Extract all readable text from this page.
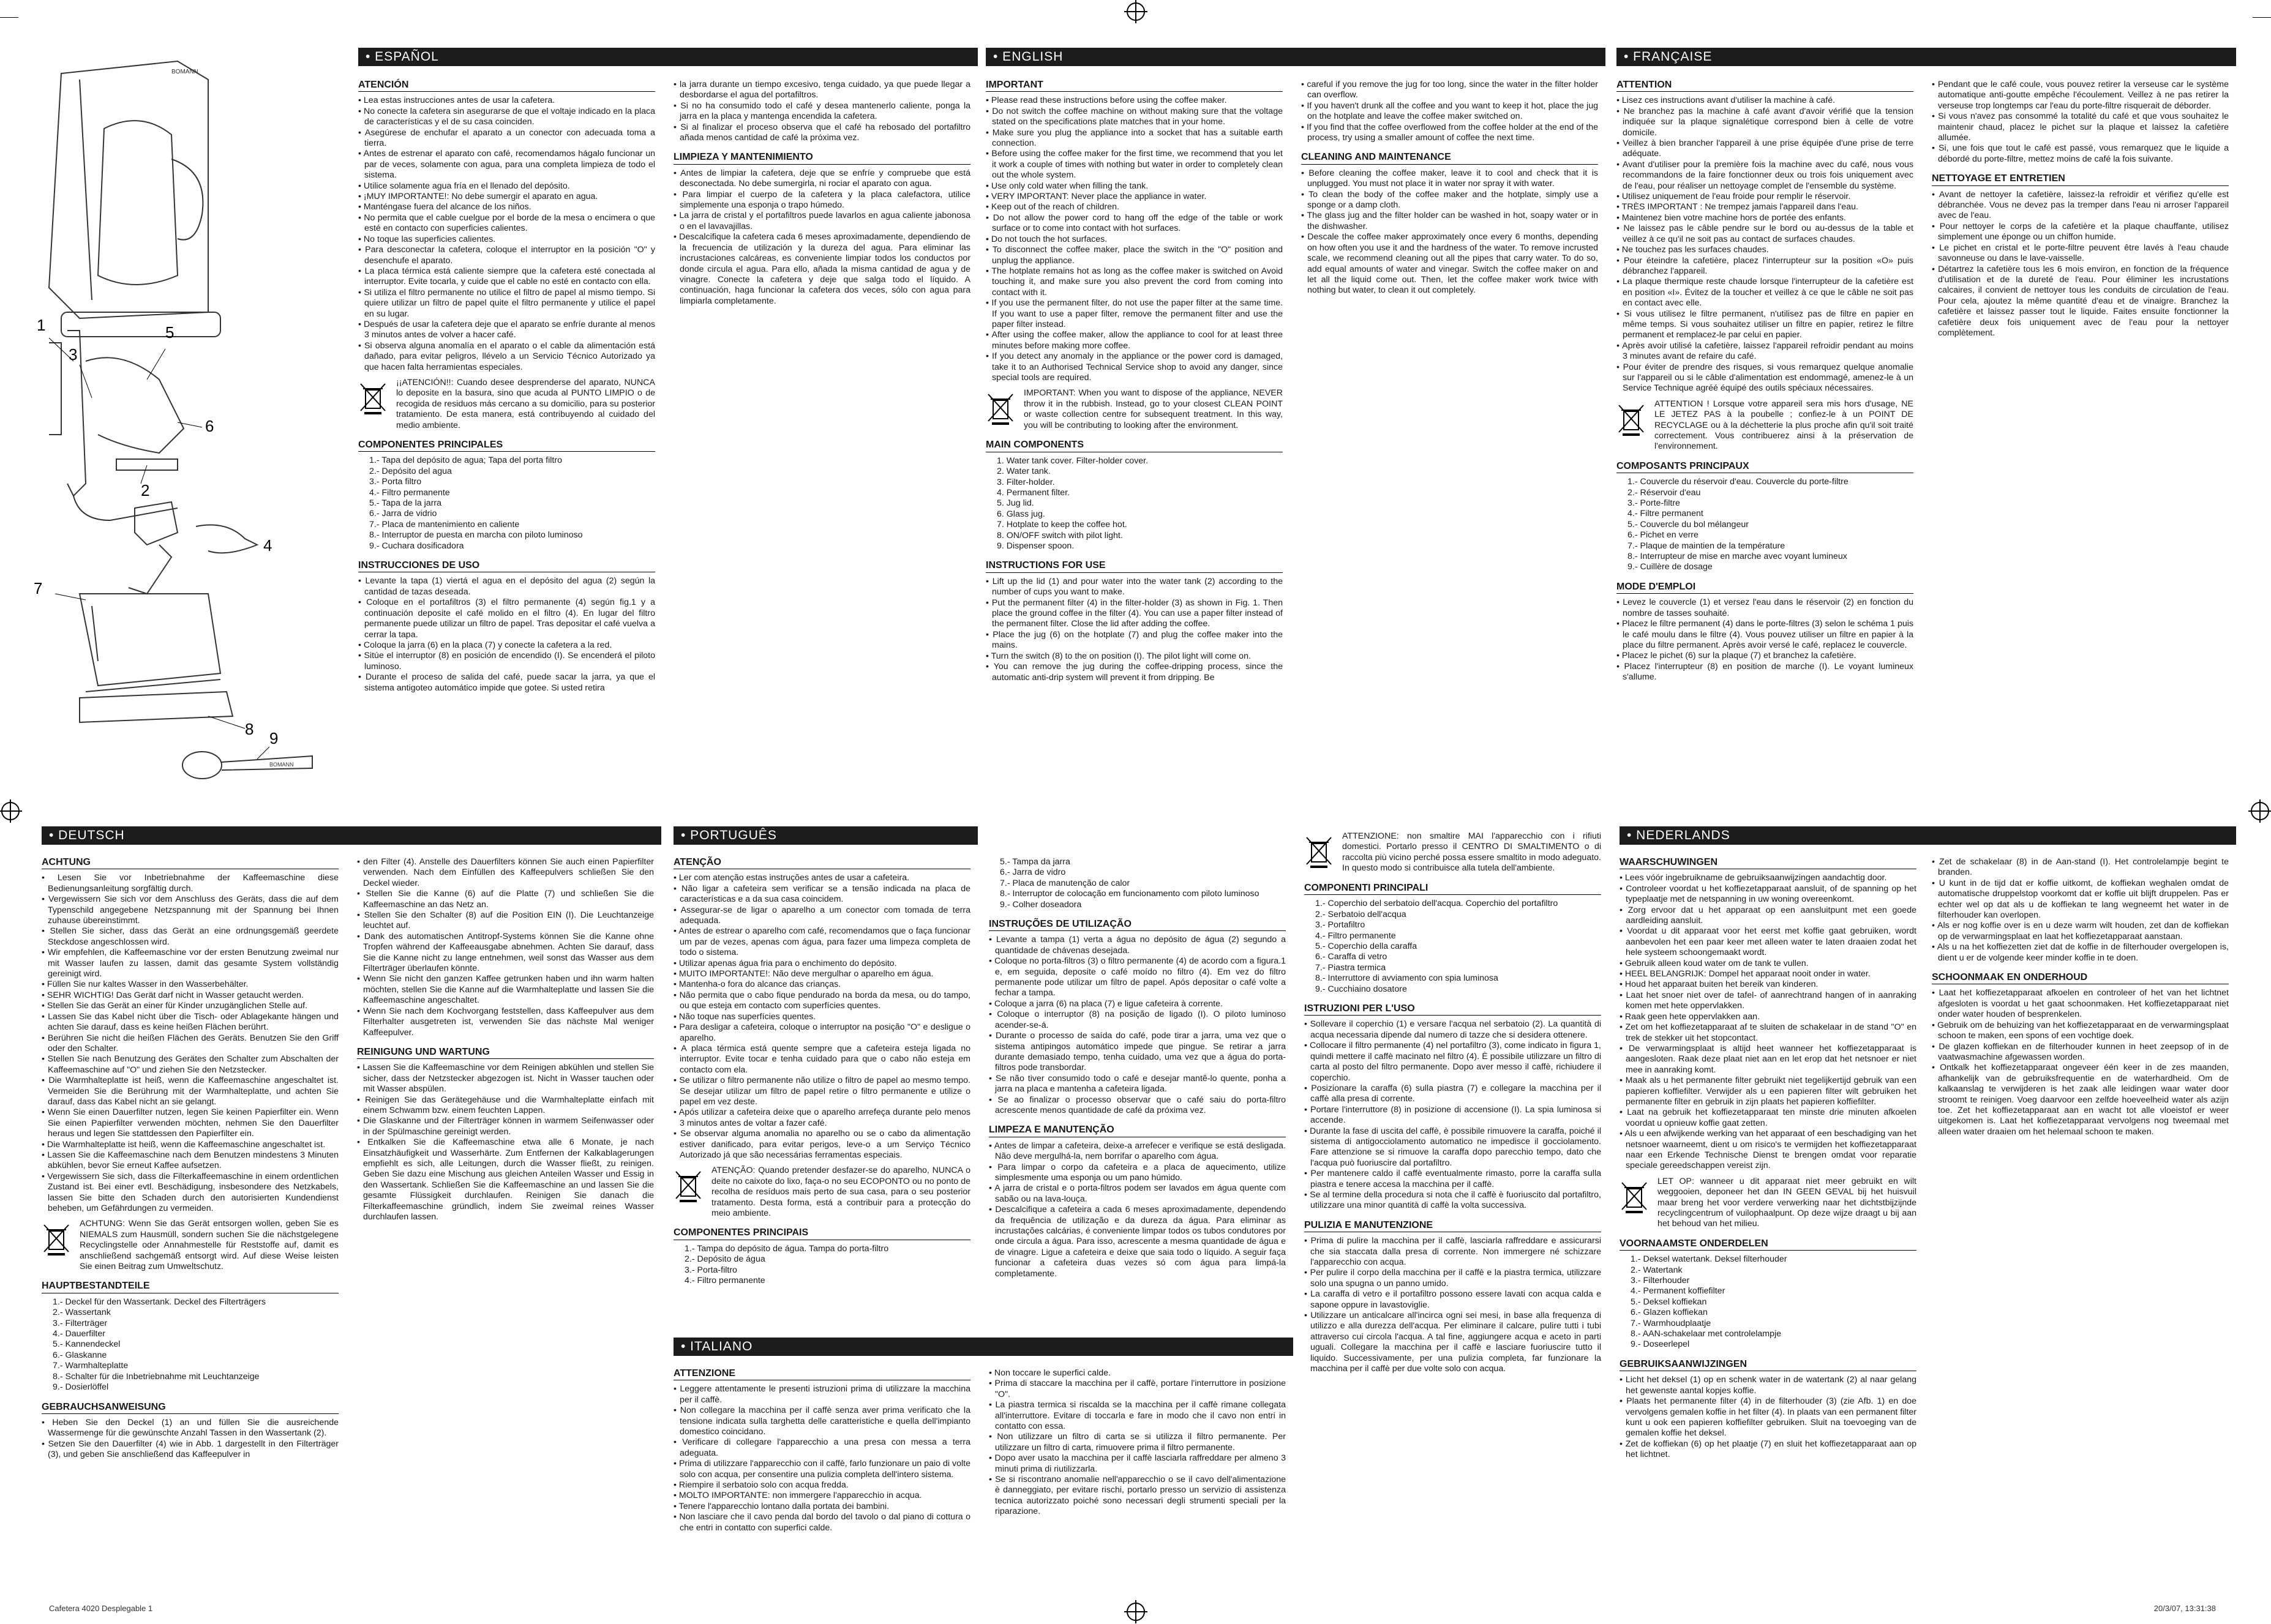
BOMANN
1
3
5
6
2
4
7
8 9
BOMANN
• ESPAÑOL
ATENCIÓN
• Lea estas instrucciones antes de usar la cafetera.
• No conecte la cafetera sin asegurarse de que el voltaje indicado en la placa de características y el de su casa coinciden.
• Asegúrese de enchufar el aparato a un conector con adecuada toma a tierra.
• Antes de estrenar el aparato con café, recomendamos hágalo funcionar un par de veces, solamente con agua, para una completa limpieza de todo el sistema.
• Utilice solamente agua fría en el llenado del depósito.
• ¡MUY IMPORTANTE!: No debe sumergir el aparato en agua.
• Manténgase fuera del alcance de los niños.
• No permita que el cable cuelgue por el borde de la mesa o encimera o que esté en contacto con superficies calientes.
• No toque las superficies calientes.
• Para desconectar la cafetera, coloque el interruptor en la posición "O" y desenchufe el aparato.
• La placa térmica está caliente siempre que la cafetera esté conectada al interruptor. Evite tocarla, y cuide que el cable no esté en contacto con ella.
• Si utiliza el filtro permanente no utilice el filtro de papel al mismo tiempo. Si quiere utilizar un filtro de papel quite el filtro permanente y utilice el papel en su lugar.
• Después de usar la cafetera deje que el aparato se enfríe durante al menos 3 minutos antes de volver a hacer café.
• Si observa alguna anomalía en el aparato o el cable da alimentación está dañado, para evitar peligros, llévelo a un Servicio Técnico Autorizado ya que hacen falta herramientas especiales.
¡¡ATENCIÓN!!: Cuando desee desprenderse del aparato, NUNCA lo deposite en la basura, sino que acuda al PUNTO LIMPIO o de recogida de residuos más cercano a su domicilio, para su posterior tratamiento. De esta manera, está contribuyendo al cuidado del medio ambiente.
COMPONENTES PRINCIPALES
1.- Tapa del depósito de agua; Tapa del porta filtro
2.- Depósito del agua
3.- Porta filtro
4.- Filtro permanente
5.- Tapa de la jarra
6.- Jarra de vidrio
7.- Placa de mantenimiento en caliente
8.- Interruptor de puesta en marcha con piloto luminoso
9.- Cuchara dosificadora
INSTRUCCIONES DE USO
• Levante la tapa (1) viertá el agua en el depósito del agua (2) según la cantidad de tazas deseada.
• Coloque en el portafiltros (3) el filtro permanente (4) según fig.1 y a continuación deposite el café molido en el filtro (4). En lugar del filtro permanente puede utilizar un filtro de papel. Tras depositar el café vuelva a cerrar la tapa.
• Coloque la jarra (6) en la placa (7) y conecte la cafetera a la red.
• Sitúe el interruptor (8) en posición de encendido (I). Se encenderá el piloto luminoso.
• Durante el proceso de salida del café, puede sacar la jarra, ya que el sistema antigoteo automático impide que gotee. Si usted retira
• la jarra durante un tiempo excesivo, tenga cuidado, ya que puede llegar a desbordarse el agua del portafiltros.
• Si no ha consumido todo el café y desea mantenerlo caliente, ponga la jarra en la placa y mantenga encendida la cafetera.
• Si al finalizar el proceso observa que el café ha rebosado del portafiltro añada menos cantidad de café la próxima vez.
LIMPIEZA Y MANTENIMIENTO
• Antes de limpiar la cafetera, deje que se enfríe y compruebe que está desconectada. No debe sumergirla, ni rociar el aparato con agua.
• Para limpiar el cuerpo de la cafetera y la placa calefactora, utilice simplemente una esponja o trapo húmedo.
• La jarra de cristal y el portafiltros puede lavarlos en agua caliente jabonosa o en el lavavajillas.
• Descalcifique la cafetera cada 6 meses aproximadamente, dependiendo de la frecuencia de utilización y la dureza del agua. Para eliminar las incrustaciones calcáreas, es conveniente limpiar todos los conductos por donde circula el agua. Para ello, añada la misma cantidad de agua y de vinagre. Conecte la cafetera y deje que salga todo el líquido. A continuación, haga funcionar la cafetera dos veces, sólo con agua para limpiarla completamente.
• ENGLISH
IMPORTANT
• Please read these instructions before using the coffee maker.
• Do not switch the coffee machine on without making sure that the voltage stated on the specifications plate matches that in your home.
• Make sure you plug the appliance into a socket that has a suitable earth connection.
• Before using the coffee maker for the first time, we recommend that you let it work a couple of times with nothing but water in order to completely clean out the whole system.
• Use only cold water when filling the tank.
• VERY IMPORTANT: Never place the appliance in water.
• Keep out of the reach of children.
• Do not allow the power cord to hang off the edge of the table or work surface or to come into contact with hot surfaces.
• Do not touch the hot surfaces.
• To disconnect the coffee maker, place the switch in the "O" position and unplug the appliance.
• The hotplate remains hot as long as the coffee maker is switched on Avoid touching it, and make sure you also prevent the cord from coming into contact with it.
• If you use the permanent filter, do not use the paper filter at the same time. If you want to use a paper filter, remove the permanent filter and use the paper filter instead.
• After using the coffee maker, allow the appliance to cool for at least three minutes before making more coffee.
• If you detect any anomaly in the appliance or the power cord is damaged, take it to an Authorised Technical Service shop to avoid any danger, since special tools are required.
IMPORTANT: When you want to dispose of the appliance, NEVER throw it in the rubbish. Instead, go to your closest CLEAN POINT or waste collection centre for subsequent treatment. In this way, you will be contributing to looking after the environment.
MAIN COMPONENTS
1. Water tank cover. Filter-holder cover.
2. Water tank.
3. Filter-holder.
4. Permanent filter.
5. Jug lid.
6. Glass jug.
7. Hotplate to keep the coffee hot.
8. ON/OFF switch with pilot light.
9. Dispenser spoon.
INSTRUCTIONS FOR USE
• Lift up the lid (1) and pour water into the water tank (2) according to the number of cups you want to make.
• Put the permanent filter (4) in the filter-holder (3) as shown in Fig. 1. Then place the ground coffee in the filter (4). You can use a paper filter instead of the permanent filter. Close the lid after adding the coffee.
• Place the jug (6) on the hotplate (7) and plug the coffee maker into the mains.
• Turn the switch (8) to the on position (I). The pilot light will come on.
• You can remove the jug during the coffee-dripping process, since the automatic anti-drip system will prevent it from dripping. Be
• careful if you remove the jug for too long, since the water in the filter holder can overflow.
• If you haven't drunk all the coffee and you want to keep it hot, place the jug on the hotplate and leave the coffee maker switched on.
• If you find that the coffee overflowed from the coffee holder at the end of the process, try using a smaller amount of coffee the next time.
CLEANING AND MAINTENANCE
• Before cleaning the coffee maker, leave it to cool and check that it is unplugged. You must not place it in water nor spray it with water.
• To clean the body of the coffee maker and the hotplate, simply use a sponge or a damp cloth.
• The glass jug and the filter holder can be washed in hot, soapy water or in the dishwasher.
• Descale the coffee maker approximately once every 6 months, depending on how often you use it and the hardness of the water. To remove incrusted scale, we recommend cleaning out all the pipes that carry water. To do so, add equal amounts of water and vinegar. Switch the coffee maker on and let all the liquid come out. Then, let the coffee maker work twice with nothing but water, to clean it out completely.
• FRANÇAISE
ATTENTION
• Lisez ces instructions avant d'utiliser la machine à café.
• Ne branchez pas la machine à café avant d'avoir vérifié que la tension indiquée sur la plaque signalétique correspond bien à celle de votre domicile.
• Veillez à bien brancher l'appareil à une prise équipée d'une prise de terre adéquate.
• Avant d'utiliser pour la première fois la machine avec du café, nous vous recommandons de la faire fonctionner deux ou trois fois uniquement avec de l'eau, pour réaliser un nettoyage complet de l'ensemble du système.
• Utilisez uniquement de l'eau froide pour remplir le réservoir.
• TRÈS IMPORTANT : Ne trempez jamais l'appareil dans l'eau.
• Maintenez bien votre machine hors de portée des enfants.
• Ne laissez pas le câble pendre sur le bord ou au-dessus de la table et veillez à ce qu'il ne soit pas au contact de surfaces chaudes.
• Ne touchez pas les surfaces chaudes.
• Pour éteindre la cafetière, placez l'interrupteur sur la position «O» puis débranchez l'appareil.
• La plaque thermique reste chaude lorsque l'interrupteur de la cafetière est en position «I». Évitez de la toucher et veillez à ce que le câble ne soit pas en contact avec elle.
• Si vous utilisez le filtre permanent, n'utilisez pas de filtre en papier en même temps. Si vous souhaitez utiliser un filtre en papier, retirez le filtre permanent et remplacez-le par celui en papier.
• Après avoir utilisé la cafetière, laissez l'appareil refroidir pendant au moins 3 minutes avant de refaire du café.
• Pour éviter de prendre des risques, si vous remarquez quelque anomalie sur l'appareil ou si le câble d'alimentation est endommagé, amenez-le à un Service Technique agréé équipé des outils spéciaux nécessaires.
ATTENTION ! Lorsque votre appareil sera mis hors d'usage, NE LE JETEZ PAS à la poubelle ; confiez-le à un POINT DE RECYCLAGE ou à la déchetterie la plus proche afin qu'il soit traité correctement. Vous contribuerez ainsi à la préservation de l'environnement.
COMPOSANTS PRINCIPAUX
1.- Couvercle du réservoir d'eau. Couvercle du porte-filtre
2.- Réservoir d'eau
3.- Porte-filtre
4.- Filtre permanent
5.- Couvercle du bol mélangeur
6.- Pichet en verre
7.- Plaque de maintien de la température
8.- Interrupteur de mise en marche avec voyant lumineux
9.- Cuillère de dosage
MODE D'EMPLOI
• Levez le couvercle (1) et versez l'eau dans le réservoir (2) en fonction du nombre de tasses souhaité.
• Placez le filtre permanent (4) dans le porte-filtres (3) selon le schéma 1 puis le café moulu dans le filtre (4). Vous pouvez utiliser un filtre en papier à la place du filtre permanent. Après avoir versé le café, replacez le couvercle.
• Placez le pichet (6) sur la plaque (7) et branchez la cafetière.
• Placez l'interrupteur (8) en position de marche (I). Le voyant lumineux s'allume.
• Pendant que le café coule, vous pouvez retirer la verseuse car le système automatique anti-goutte empêche l'écoulement. Veillez à ne pas retirer la verseuse trop longtemps car l'eau du porte-filtre risquerait de déborder.
• Si vous n'avez pas consommé la totalité du café et que vous souhaitez le maintenir chaud, placez le pichet sur la plaque et laissez la cafetière allumée.
• Si, une fois que tout le café est passé, vous remarquez que le liquide a débordé du porte-filtre, mettez moins de café la fois suivante.
NETTOYAGE ET ENTRETIEN
• Avant de nettoyer la cafetière, laissez-la refroidir et vérifiez qu'elle est débranchée. Vous ne devez pas la tremper dans l'eau ni arroser l'appareil avec de l'eau.
• Pour nettoyer le corps de la cafetière et la plaque chauffante, utilisez simplement une éponge ou un chiffon humide.
• Le pichet en cristal et le porte-filtre peuvent être lavés à l'eau chaude savonneuse ou dans le lave-vaisselle.
• Détartrez la cafetière tous les 6 mois environ, en fonction de la fréquence d'utilisation et de la dureté de l'eau. Pour éliminer les incrustations calcaires, il convient de nettoyer tous les conduits de circulation de l'eau. Pour cela, ajoutez la même quantité d'eau et de vinaigre. Branchez la cafetière et laissez passer tout le liquide. Faites ensuite fonctionner la cafetière deux fois uniquement avec de l'eau pour la nettoyer complètement.
• DEUTSCH
ACHTUNG
• Lesen Sie vor Inbetriebnahme der Kaffeemaschine diese Bedienungsanleitung sorgfältig durch.
• Vergewissern Sie sich vor dem Anschluss des Geräts, dass die auf dem Typenschild angegebene Netzspannung mit der Spannung bei Ihnen zuhause übereinstimmt.
• Stellen Sie sicher, dass das Gerät an eine ordnungsgemäß geerdete Steckdose angeschlossen wird.
• Wir empfehlen, die Kaffeemaschine vor der ersten Benutzung zweimal nur mit Wasser laufen zu lassen, damit das gesamte System vollständig gereinigt wird.
• Füllen Sie nur kaltes Wasser in den Wasserbehälter.
• SEHR WICHTIG! Das Gerät darf nicht in Wasser getaucht werden.
• Stellen Sie das Gerät an einer für Kinder unzugänglichen Stelle auf.
• Lassen Sie das Kabel nicht über die Tisch- oder Ablagekante hängen und achten Sie darauf, dass es keine heißen Flächen berührt.
• Berühren Sie nicht die heißen Flächen des Geräts. Benutzen Sie den Griff oder den Schalter.
• Stellen Sie nach Benutzung des Gerätes den Schalter zum Abschalten der Kaffeemaschine auf "O" und ziehen Sie den Netzstecker.
• Die Warmhalteplatte ist heiß, wenn die Kaffeemaschine angeschaltet ist. Vermeiden Sie die Berührung mit der Warmhalteplatte, und achten Sie darauf, dass das Kabel nicht an sie gelangt.
• Wenn Sie einen Dauerfilter nutzen, legen Sie keinen Papierfilter ein. Wenn Sie einen Papierfilter verwenden möchten, nehmen Sie den Dauerfilter heraus und legen Sie stattdessen den Papierfilter ein.
• Die Warmhalteplatte ist heiß, wenn die Kaffeemaschine angeschaltet ist.
• Lassen Sie die Kaffeemaschine nach dem Benutzen mindestens 3 Minuten abkühlen, bevor Sie erneut Kaffee aufsetzen.
• Vergewissern Sie sich, dass die Filterkaffeemaschine in einem ordentlichen Zustand ist. Bei einer evtl. Beschädigung, insbesondere des Netzkabels, lassen Sie bitte den Schaden durch den autorisierten Kundendienst beheben, um Gefährdungen zu vermeiden.
ACHTUNG: Wenn Sie das Gerät entsorgen wollen, geben Sie es NIEMALS zum Hausmüll, sondern suchen Sie die nächstgelegene Recyclingstelle oder Annahmestelle für Reststoffe auf, damit es anschließend sachgemäß entsorgt wird. Auf diese Weise leisten Sie einen Beitrag zum Umweltschutz.
HAUPTBESTANDTEILE
1.- Deckel für den Wassertank. Deckel des Filterträgers
2.- Wassertank
3.- Filterträger
4.- Dauerfilter
5.- Kannendeckel
6.- Glaskanne
7.- Warmhalteplatte
8.- Schalter für die Inbetriebnahme mit Leuchtanzeige
9.- Dosierlöffel
GEBRAUCHSANWEISUNG
• Heben Sie den Deckel (1) an und füllen Sie die ausreichende Wassermenge für die gewünschte Anzahl Tassen in den Wassertank (2).
• Setzen Sie den Dauerfilter (4) wie in Abb. 1 dargestellt in den Filterträger (3), und geben Sie anschließend das Kaffeepulver in
• den Filter (4). Anstelle des Dauerfilters können Sie auch einen Papierfilter verwenden. Nach dem Einfüllen des Kaffeepulvers schließen Sie den Deckel wieder.
• Stellen Sie die Kanne (6) auf die Platte (7) und schließen Sie die Kaffeemaschine an das Netz an.
• Stellen Sie den Schalter (8) auf die Position EIN (I). Die Leuchtanzeige leuchtet auf.
• Dank des automatischen Antitropf-Systems können Sie die Kanne ohne Tropfen während der Kaffeeausgabe abnehmen. Achten Sie darauf, dass Sie die Kanne nicht zu lange entnehmen, weil sonst das Wasser aus dem Filterträger überlaufen könnte.
• Wenn Sie nicht den ganzen Kaffee getrunken haben und ihn warm halten möchten, stellen Sie die Kanne auf die Warmhalteplatte und lassen Sie die Kaffeemaschine angeschaltet.
• Wenn Sie nach dem Kochvorgang feststellen, dass Kaffeepulver aus dem Filterhalter ausgetreten ist, verwenden Sie das nächste Mal weniger Kaffeepulver.
REINIGUNG UND WARTUNG
• Lassen Sie die Kaffeemaschine vor dem Reinigen abkühlen und stellen Sie sicher, dass der Netzstecker abgezogen ist. Nicht in Wasser tauchen oder mit Wasser abspülen.
• Reinigen Sie das Gerätegehäuse und die Warmhalteplatte einfach mit einem Schwamm bzw. einem feuchten Lappen.
• Die Glaskanne und der Filterträger können in warmem Seifenwasser oder in der Spülmaschine gereinigt werden.
• Entkalken Sie die Kaffeemaschine etwa alle 6 Monate, je nach Einsatzhäufigkeit und Wasserhärte. Zum Entfernen der Kalkablagerungen empfiehlt es sich, alle Leitungen, durch die Wasser fließt, zu reinigen. Geben Sie dazu eine Mischung aus gleichen Anteilen Wasser und Essig in den Wassertank. Schließen Sie die Kaffeemaschine an und lassen Sie die gesamte Flüssigkeit durchlaufen. Reinigen Sie danach die Filterkaffeemaschine gründlich, indem Sie zweimal reines Wasser durchlaufen lassen.
• PORTUGUÊS
ATENÇÃO
• Ler com atenção estas instruções antes de usar a cafeteira.
• Não ligar a cafeteira sem verificar se a tensão indicada na placa de características e a da sua casa coincidem.
• Assegurar-se de ligar o aparelho a um conector com tomada de terra adequada.
• Antes de estrear o aparelho com café, recomendamos que o faça funcionar um par de vezes, apenas com água, para fazer uma limpeza completa de todo o sistema.
• Utilizar apenas água fria para o enchimento do depósito.
• MUITO IMPORTANTE!: Não deve mergulhar o aparelho em água.
• Mantenha-o fora do alcance das crianças.
• Não permita que o cabo fique pendurado na borda da mesa, ou do tampo, ou que esteja em contacto com superfícies quentes.
• Não toque nas superfícies quentes.
• Para desligar a cafeteira, coloque o interruptor na posição "O" e desligue o aparelho.
• A placa térmica está quente sempre que a cafeteira esteja ligada no interruptor. Evite tocar e tenha cuidado para que o cabo não esteja em contacto com ela.
• Se utilizar o filtro permanente não utilize o filtro de papel ao mesmo tempo. Se desejar utilizar um filtro de papel retire o filtro permanente e utilize o papel em vez deste.
• Após utilizar a cafeteira deixe que o aparelho arrefeça durante pelo menos 3 minutos antes de voltar a fazer café.
• Se observar alguma anomalia no aparelho ou se o cabo da alimentação estiver danificado, para evitar perigos, leve-o a um Serviço Técnico Autorizado já que são necessárias ferramentas especiais.
ATENÇÃO: Quando pretender desfazer-se do aparelho, NUNCA o deite no caixote do lixo, faça-o no seu ECOPONTO ou no ponto de recolha de resíduos mais perto de sua casa, para o seu posterior tratamento. Desta forma, está a contribuir para a protecção do meio ambiente.
COMPONENTES PRINCIPAIS
1.- Tampa do depósito de água. Tampa do porta-filtro
2.- Depósito de água
3.- Porta-filtro
4.- Filtro permanente
5.- Tampa da jarra
6.- Jarra de vidro
7.- Placa de manutenção de calor
8.- Interruptor de colocação em funcionamento com piloto luminoso
9.- Colher doseadora
INSTRUÇÕES DE UTILIZAÇÃO
• Levante a tampa (1) verta a água no depósito de água (2) segundo a quantidade de chávenas desejada.
• Coloque no porta-filtros (3) o filtro permanente (4) de acordo com a figura.1 e, em seguida, deposite o café moído no filtro (4). Em vez do filtro permanente pode utilizar um filtro de papel. Após depositar o café volte a fechar a tampa.
• Coloque a jarra (6) na placa (7) e ligue cafeteira à corrente.
• Coloque o interruptor (8) na posição de ligado (I). O piloto luminoso acender-se-á.
• Durante o processo de saída do café, pode tirar a jarra, uma vez que o sistema antipingos automático impede que pingue. Se retirar a jarra durante demasiado tempo, tenha cuidado, uma vez que a água do porta-filtros pode transbordar.
• Se não tiver consumido todo o café e desejar mantê-lo quente, ponha a jarra na placa e mantenha a cafeteira ligada.
• Se ao finalizar o processo observar que o café saiu do porta-filtro acrescente menos quantidade de café da próxima vez.
LIMPEZA E MANUTENÇÃO
• Antes de limpar a cafeteira, deixe-a arrefecer e verifique se está desligada. Não deve mergulhá-la, nem borrifar o aparelho com água.
• Para limpar o corpo da cafeteira e a placa de aquecimento, utilize simplesmente uma esponja ou um pano húmido.
• A jarra de cristal e o porta-filtros podem ser lavados em água quente com sabão ou na lava-louça.
• Descalcifique a cafeteira a cada 6 meses aproximadamente, dependendo da frequência de utilização e da dureza da água. Para eliminar as incrustações calcárias, é conveniente limpar todos os tubos condutores por onde circula a água. Para isso, acrescente a mesma quantidade de água e de vinagre. Ligue a cafeteira e deixe que saia todo o líquido. A seguir faça funcionar a cafeteira duas vezes só com água para limpá-la completamente.
• ITALIANO
ATTENZIONE
• Leggere attentamente le presenti istruzioni prima di utilizzare la macchina per il caffè.
• Non collegare la macchina per il caffè senza aver prima verificato che la tensione indicata sulla targhetta delle caratteristiche e quella dell'impianto domestico coincidano.
• Verificare di collegare l'apparecchio a una presa con messa a terra adeguata.
• Prima di utilizzare l'apparecchio con il caffè, farlo funzionare un paio di volte solo con acqua, per consentire una pulizia completa dell'intero sistema.
• Riempire il serbatoio solo con acqua fredda.
• MOLTO IMPORTANTE: non immergere l'apparecchio in acqua.
• Tenere l'apparecchio lontano dalla portata dei bambini.
• Non lasciare che il cavo penda dal bordo del tavolo o dal piano di cottura o che entri in contatto con superfici calde.
• Non toccare le superfici calde.
• Prima di staccare la macchina per il caffè, portare l'interruttore in posizione "O".
• La piastra termica si riscalda se la macchina per il caffè rimane collegata all'interruttore. Evitare di toccarla e fare in modo che il cavo non entri in contatto con essa.
• Non utilizzare un filtro di carta se si utilizza il filtro permanente. Per utilizzare un filtro di carta, rimuovere prima il filtro permanente.
• Dopo aver usato la macchina per il caffè lasciarla raffreddare per almeno 3 minuti prima di riutilizzarla.
• Se si riscontrano anomalie nell'apparecchio o se il cavo dell'alimentazione è danneggiato, per evitare rischi, portarlo presso un servizio di assistenza tecnica autorizzato poiché sono necessari degli strumenti speciali per la riparazione.
ATTENZIONE: non smaltire MAI l'apparecchio con i rifiuti domestici. Portarlo presso il CENTRO DI SMALTIMENTO o di raccolta più vicino perché possa essere smaltito in modo adeguato. In questo modo si contribuisce alla tutela dell'ambiente.
COMPONENTI PRINCIPALI
1.- Coperchio del serbatoio dell'acqua. Coperchio del portafiltro
2.- Serbatoio dell'acqua
3.- Portafiltro
4.- Filtro permanente
5.- Coperchio della caraffa
6.- Caraffa di vetro
7.- Piastra termica
8.- Interruttore di avviamento con spia luminosa
9.- Cucchiaino dosatore
ISTRUZIONI PER L'USO
• Sollevare il coperchio (1) e versare l'acqua nel serbatoio (2). La quantità di acqua necessaria dipende dal numero di tazze che si desidera ottenere.
• Collocare il filtro permanente (4) nel portafiltro (3), come indicato in figura 1, quindi mettere il caffè macinato nel filtro (4). È possibile utilizzare un filtro di carta al posto del filtro permanente. Dopo aver messo il caffè, richiudere il coperchio.
• Posizionare la caraffa (6) sulla piastra (7) e collegare la macchina per il caffè alla presa di corrente.
• Portare l'interruttore (8) in posizione di accensione (I). La spia luminosa si accende.
• Durante la fase di uscita del caffè, è possibile rimuovere la caraffa, poiché il sistema di antigocciolamento automatico ne impedisce il gocciolamento. Fare attenzione se si rimuove la caraffa dopo parecchio tempo, dato che l'acqua può fuoriuscire dal portafiltro.
• Per mantenere caldo il caffè eventualmente rimasto, porre la caraffa sulla piastra e tenere accesa la macchina per il caffè.
• Se al termine della procedura si nota che il caffè è fuoriuscito dal portafiltro, utilizzare una minor quantità di caffè la volta successiva.
PULIZIA E MANUTENZIONE
• Prima di pulire la macchina per il caffè, lasciarla raffreddare e assicurarsi che sia staccata dalla presa di corrente. Non immergere né schizzare l'apparecchio con acqua.
• Per pulire il corpo della macchina per il caffè e la piastra termica, utilizzare solo una spugna o un panno umido.
• La caraffa di vetro e il portafiltro possono essere lavati con acqua calda e sapone oppure in lavastoviglie.
• Utilizzare un anticalcare all'incirca ogni sei mesi, in base alla frequenza di utilizzo e alla durezza dell'acqua. Per eliminare il calcare, pulire tutti i tubi attraverso cui circola l'acqua. A tal fine, aggiungere acqua e aceto in parti uguali. Collegare la macchina per il caffè e lasciare fuoriuscire tutto il liquido. Successivamente, per una pulizia completa, far funzionare la macchina per il caffè per due volte solo con acqua.
• NEDERLANDS
WAARSCHUWINGEN
• Lees vóór ingebruikname de gebruiksaanwijzingen aandachtig door.
• Controleer voordat u het koffiezetapparaat aansluit, of de spanning op het typeplaatje met de netspanning in uw woning overeenkomt.
• Zorg ervoor dat u het apparaat op een aansluitpunt met een goede aardleiding aansluit.
• Voordat u dit apparaat voor het eerst met koffie gaat gebruiken, wordt aanbevolen het een paar keer met alleen water te laten draaien zodat het hele systeem schoongemaakt wordt.
• Gebruik alleen koud water om de tank te vullen.
• HEEL BELANGRIJK: Dompel het apparaat nooit onder in water.
• Houd het apparaat buiten het bereik van kinderen.
• Laat het snoer niet over de tafel- of aanrechtrand hangen of in aanraking komen met hete oppervlakken.
• Raak geen hete oppervlakken aan.
• Zet om het koffiezetapparaat af te sluiten de schakelaar in de stand "O" en trek de stekker uit het stopcontact.
• De verwarmingsplaat is altijd heet wanneer het koffiezetapparaat is aangesloten. Raak deze plaat niet aan en let erop dat het netsnoer er niet mee in aanraking komt.
• Maak als u het permanente filter gebruikt niet tegelijkertijd gebruik van een papieren koffiefilter. Verwijder als u een papieren filter wilt gebruiken het permanente filter en gebruik in zijn plaats het papieren koffiefilter.
• Laat na gebruik het koffiezetapparaat ten minste drie minuten afkoelen voordat u opnieuw koffie gaat zetten.
• Als u een afwijkende werking van het apparaat of een beschadiging van het netsnoer waarneemt, dient u om risico's te vermijden het koffiezetapparaat naar een Erkende Technische Dienst te brengen omdat voor reparatie speciale gereedschappen vereist zijn.
LET OP: wanneer u dit apparaat niet meer gebruikt en wilt weggooien, deponeer het dan IN GEEN GEVAL bij het huisvuil maar breng het voor verdere verwerking naar het dichtstbijzijnde recyclingcentrum of vuilophaalpunt. Op deze wijze draagt u bij aan het behoud van het milieu.
VOORNAAMSTE ONDERDELEN
1.- Deksel watertank. Deksel filterhouder
2.- Watertank
3.- Filterhouder
4.- Permanent koffiefilter
5.- Deksel koffiekan
6.- Glazen koffiekan
7.- Warmhoudplaatje
8.- AAN-schakelaar met controlelampje
9.- Doseerlepel
GEBRUIKSAANWIJZINGEN
• Licht het deksel (1) op en schenk water in de watertank (2) al naar gelang het gewenste aantal kopjes koffie.
• Plaats het permanente filter (4) in de filterhouder (3) (zie Afb. 1) en doe vervolgens gemalen koffie in het filter (4). In plaats van een permanent filter kunt u ook een papieren koffiefilter gebruiken. Sluit na toevoeging van de gemalen koffie het deksel.
• Zet de koffiekan (6) op het plaatje (7) en sluit het koffiezetapparaat aan op het lichtnet.
• Zet de schakelaar (8) in de Aan-stand (I). Het controlelampje begint te branden.
• U kunt in de tijd dat er koffie uitkomt, de koffiekan weghalen omdat de automatische druppelstop voorkomt dat er koffie uit blijft druppelen. Pas er echter wel op dat als u de koffiekan te lang wegneemt het water in de filterhouder kan overlopen.
• Als er nog koffie over is en u deze warm wilt houden, zet dan de koffiekan op de verwarmingsplaat en laat het koffiezetapparaat aanstaan.
• Als u na het koffiezetten ziet dat de koffie in de filterhouder overgelopen is, dient u er de volgende keer minder koffie in te doen.
SCHOONMAAK EN ONDERHOUD
• Laat het koffiezetapparaat afkoelen en controleer of het van het lichtnet afgesloten is voordat u het gaat schoonmaken. Het koffiezetapparaat niet onder water houden of besprenkelen.
• Gebruik om de behuizing van het koffiezetapparaat en de verwarmingsplaat schoon te maken, een spons of een vochtige doek.
• De glazen koffiekan en de filterhouder kunnen in heet zeepsop of in de vaatwasmachine afgewassen worden.
• Ontkalk het koffiezetapparaat ongeveer één keer in de zes maanden, afhankelijk van de gebruiksfrequentie en de waterhardheid. Om de kalkaanslag te verwijderen is het zaak alle leidingen waar water door stroomt te reinigen. Voeg daarvoor een zelfde hoeveelheid water als azijn toe. Zet het koffiezetapparaat aan en wacht tot alle vloeistof er weer uitgekomen is. Laat het koffiezetapparaat vervolgens nog tweemaal met alleen water draaien om het helemaal schoon te maken.
Cafetera 4020 Desplegable 1	20/3/07, 13:31:38
